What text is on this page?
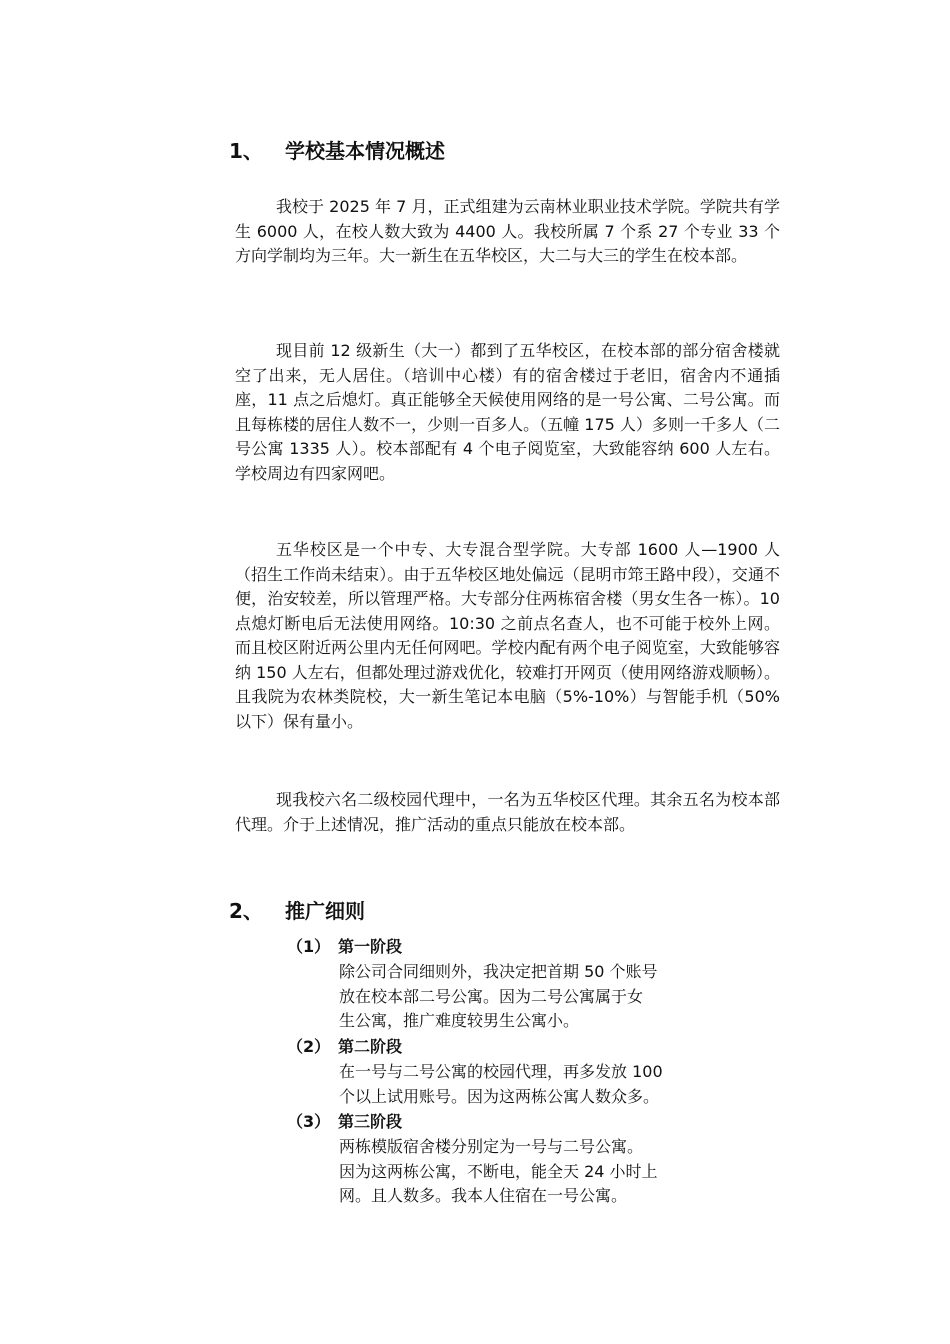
1、 学校基本情况概述

我校于 2025 年 7 月，正式组建为云南林业职业技术学院。学院共有学生 6000 人，在校人数大致为 4400 人。我校所属 7 个系 27 个专业 33 个方向学制均为三年。大一新生在五华校区，大二与大三的学生在校本部。

现目前 12 级新生（大一）都到了五华校区，在校本部的部分宿舍楼就空了出来，无人居住。（培训中心楼）有的宿舍楼过于老旧，宿舍内不通插座，11 点之后熄灯。真正能够全天候使用网络的是一号公寓、二号公寓。而且每栋楼的居住人数不一，少则一百多人。（五幢 175 人）多则一千多人（二号公寓 1335 人）。校本部配有 4 个电子阅览室，大致能容纳 600 人左右。学校周边有四家网吧。

五华校区是一个中专、大专混合型学院。大专部 1600 人—1900 人（招生工作尚未结束）。由于五华校区地处偏远（昆明市筇王路中段），交通不便，治安较差，所以管理严格。大专部分住两栋宿舍楼（男女生各一栋）。10 点熄灯断电后无法使用网络。10:30 之前点名查人，也不可能于校外上网。而且校区附近两公里内无任何网吧。学校内配有两个电子阅览室，大致能够容纳 150 人左右，但都处理过游戏优化，较难打开网页（使用网络游戏顺畅）。且我院为农林类院校，大一新生笔记本电脑（5%-10%）与智能手机（50%以下）保有量小。

现我校六名二级校园代理中，一名为五华校区代理。其余五名为校本部代理。介于上述情况，推广活动的重点只能放在校本部。

2、 推广细则
（1） 第一阶段
除公司合同细则外，我决定把首期 50 个账号
放在校本部二号公寓。因为二号公寓属于女
生公寓，推广难度较男生公寓小。
（2） 第二阶段
在一号与二号公寓的校园代理，再多发放 100
个以上试用账号。因为这两栋公寓人数众多。
（3） 第三阶段
两栋模版宿舍楼分别定为一号与二号公寓。
因为这两栋公寓，不断电，能全天 24 小时上
网。且人数多。我本人住宿在一号公寓。
